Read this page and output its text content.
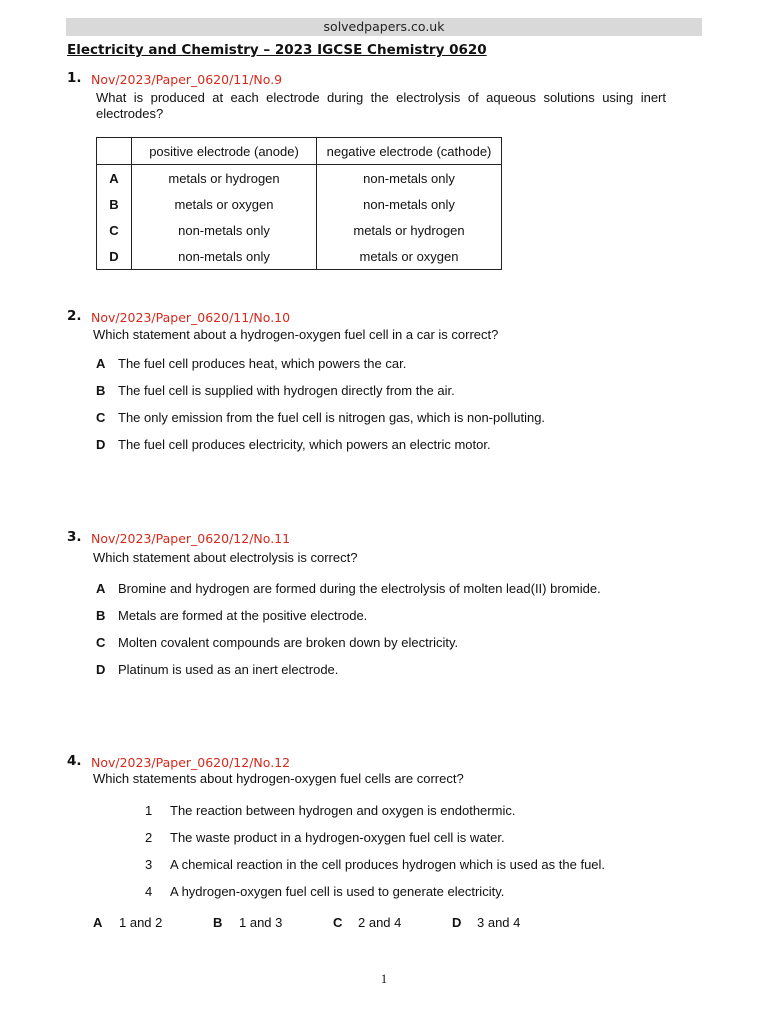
solvedpapers.co.uk
Electricity and Chemistry – 2023 IGCSE Chemistry 0620
1. Nov/2023/Paper_0620/11/No.9
What is produced at each electrode during the electrolysis of aqueous solutions using inert electrodes?
	positive electrode (anode)	negative electrode (cathode)
A	metals or hydrogen	non-metals only
B	metals or oxygen	non-metals only
C	non-metals only	metals or hydrogen
D	non-metals only	metals or oxygen
2. Nov/2023/Paper_0620/11/No.10
Which statement about a hydrogen-oxygen fuel cell in a car is correct?
A The fuel cell produces heat, which powers the car.
B The fuel cell is supplied with hydrogen directly from the air.
C The only emission from the fuel cell is nitrogen gas, which is non-polluting.
D The fuel cell produces electricity, which powers an electric motor.
3. Nov/2023/Paper_0620/12/No.11
Which statement about electrolysis is correct?
A Bromine and hydrogen are formed during the electrolysis of molten lead(II) bromide.
B Metals are formed at the positive electrode.
C Molten covalent compounds are broken down by electricity.
D Platinum is used as an inert electrode.
4. Nov/2023/Paper_0620/12/No.12
Which statements about hydrogen-oxygen fuel cells are correct?
1 The reaction between hydrogen and oxygen is endothermic.
2 The waste product in a hydrogen-oxygen fuel cell is water.
3 A chemical reaction in the cell produces hydrogen which is used as the fuel.
4 A hydrogen-oxygen fuel cell is used to generate electricity.
A 1 and 2	B 1 and 3	C 2 and 4	D 3 and 4
1
